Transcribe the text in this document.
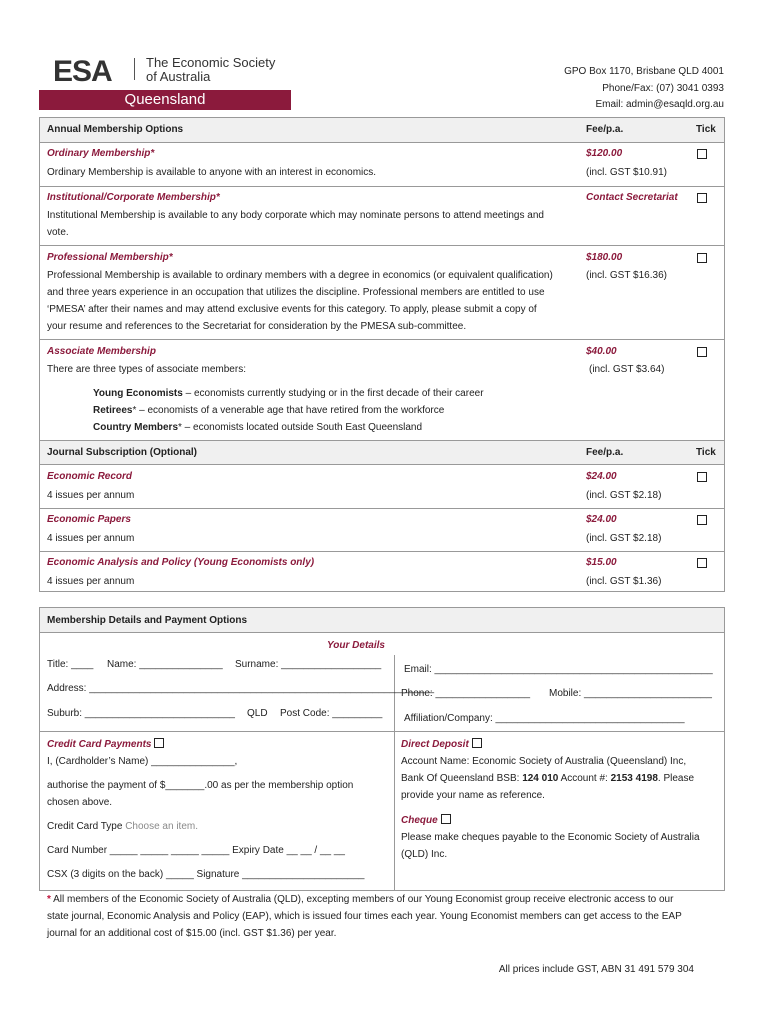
ESA	The Economic Society
of Australia
Queensland
GPO Box 1170, Brisbane QLD 4001
Phone/Fax: (07) 3041 0393
Email: admin@esaqld.org.au
Annual Membership Options	Fee/p.a.	Tick
Ordinary Membership*	$120.00
Ordinary Membership is available to anyone with an interest in economics.	(incl. GST $10.91)
Institutional/Corporate Membership*	Contact Secretariat
Institutional Membership is available to any body corporate which may nominate persons to attend meetings and
vote.
Professional Membership*	$180.00
Professional Membership is available to ordinary members with a degree in economics (or equivalent qualification)	(incl. GST $16.36)
and three years experience in an occupation that utilizes the discipline. Professional members are entitled to use
‘PMESA’ after their names and may attend exclusive events for this category. To apply, please submit a copy of
your resume and references to the Secretariat for consideration by the PMESA sub-committee.
Associate Membership	$40.00
There are three types of associate members:	(incl. GST $3.64)
Young Economists – economists currently studying or in the first decade of their career
Retirees* – economists of a venerable age that have retired from the workforce
Country Members* – economists located outside South East Queensland
Journal Subscription (Optional)	Fee/p.a.	Tick
Economic Record	$24.00
4 issues per annum	(incl. GST $2.18)
Economic Papers	$24.00
4 issues per annum	(incl. GST $2.18)
Economic Analysis and Policy (Young Economists only)	$15.00
4 issues per annum	(incl. GST $1.36)
Membership Details and Payment Options
Your Details
Title: ____ Name: _______________ Surname: __________________
Address: ______________________________________________________________
Suburb: ___________________________ QLD Post Code: _________
Email: __________________________________________________
Phone: _________________ Mobile: _______________________
Affiliation/Company: __________________________________
Credit Card Payments
I, (Cardholder’s Name) _______________,
authorise the payment of $_______.00 as per the membership option
chosen above.
Credit Card Type Choose an item.
Card Number _____ _____ _____ _____ Expiry Date __ __ / __ __
CSX (3 digits on the back) _____ Signature ______________________
Direct Deposit
Account Name: Economic Society of Australia (Queensland) Inc,
Bank Of Queensland BSB: 124 010 Account #: 2153 4198. Please
provide your name as reference.
Cheque
Please make cheques payable to the Economic Society of Australia
(QLD) Inc.
* All members of the Economic Society of Australia (QLD), excepting members of our Young Economist group receive electronic access to our
state journal, Economic Analysis and Policy (EAP), which is issued four times each year. Young Economist members can get access to the EAP
journal for an additional cost of $15.00 (incl. GST $1.36) per year.
All prices include GST, ABN 31 491 579 304
